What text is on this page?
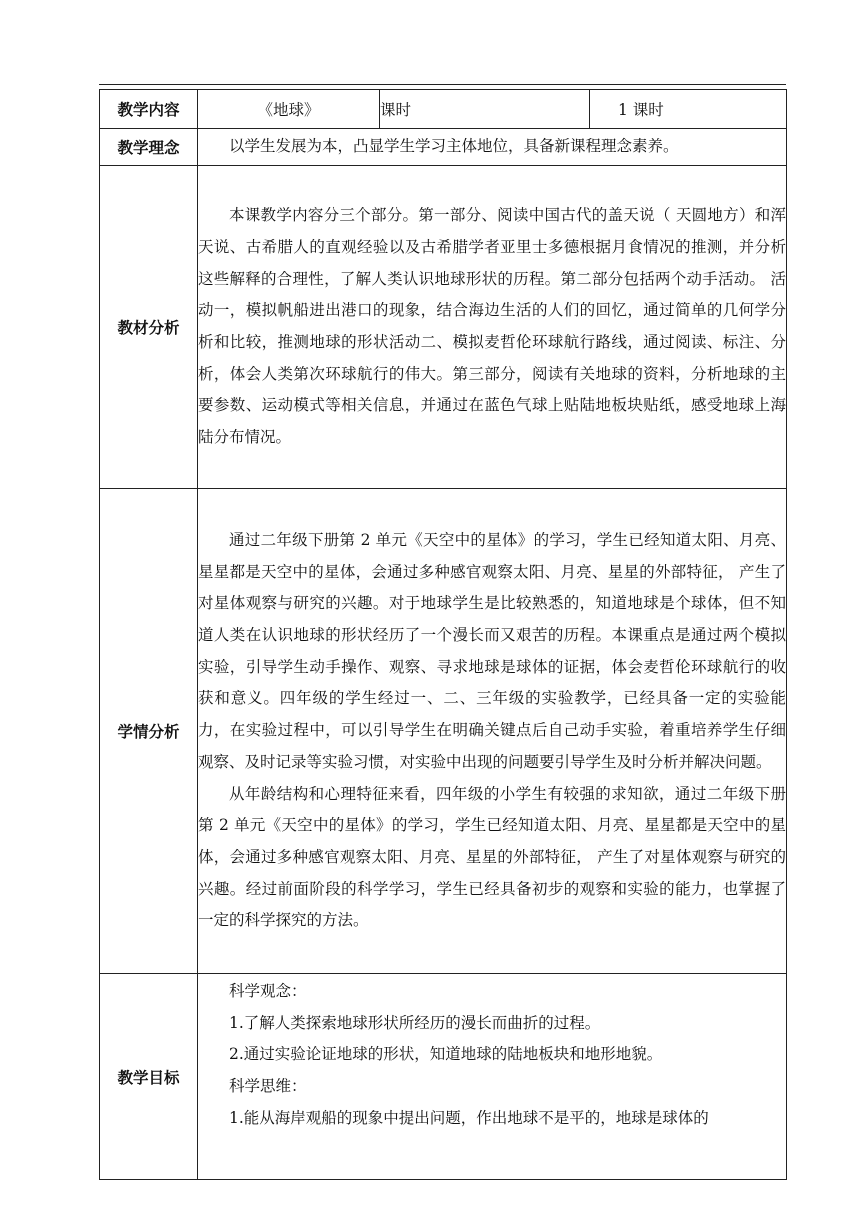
教学内容	《地球》	课时	1 课时
教学理念	以学生发展为本，凸显学生学习主体地位，具备新课程理念素养。		

教材分析	本课教学内容分三个部分。第一部分、阅读中国古代的盖天说（ 天圆地方）和浑天说、古希腊人的直观经验以及古希腊学者亚里士多德根据月食情况的推测，并分析这些解释的合理性，了解人类认识地球形状的历程。第二部分包括两个动手活动。 活动一，模拟帆船进出港口的现象，结合海边生活的人们的回忆，通过简单的几何学分析和比较，推测地球的形状活动二、模拟麦哲伦环球航行路线，通过阅读、标注、分析，体会人类第次环球航行的伟大。第三部分，阅读有关地球的资料，分析地球的主要参数、运动模式等相关信息，并通过在蓝色气球上贴陆地板块贴纸，感受地球上海陆分布情况。		

学情分析	通过二年级下册第 2 单元《天空中的星体》的学习，学生已经知道太阳、月亮、星星都是天空中的星体，会通过多种感官观察太阳、月亮、星星的外部特征， 产生了对星体观察与研究的兴趣。对于地球学生是比较熟悉的，知道地球是个球体，但不知道人类在认识地球的形状经历了一个漫长而又艰苦的历程。本课重点是通过两个模拟实验，引导学生动手操作、观察、寻求地球是球体的证据，体会麦哲伦环球航行的收获和意义。四年级的学生经过一、二、三年级的实验教学，已经具备一定的实验能力，在实验过程中，可以引导学生在明确关键点后自己动手实验，着重培养学生仔细观察、及时记录等实验习惯，对实验中出现的问题要引导学生及时分析并解决问题。

从年龄结构和心理特征来看，四年级的小学生有较强的求知欲，通过二年级下册第 2 单元《天空中的星体》的学习，学生已经知道太阳、月亮、星星都是天空中的星体，会通过多种感官观察太阳、月亮、星星的外部特征， 产生了对星体观察与研究的兴趣。经过前面阶段的科学学习，学生已经具备初步的观察和实验的能力，也掌握了一定的科学探究的方法。		

教学目标	科学观念：

1.了解人类探索地球形状所经历的漫长而曲折的过程。

2.通过实验论证地球的形状，知道地球的陆地板块和地形地貌。

科学思维：

1.能从海岸观船的现象中提出问题，作出地球不是平的，地球是球体的		
